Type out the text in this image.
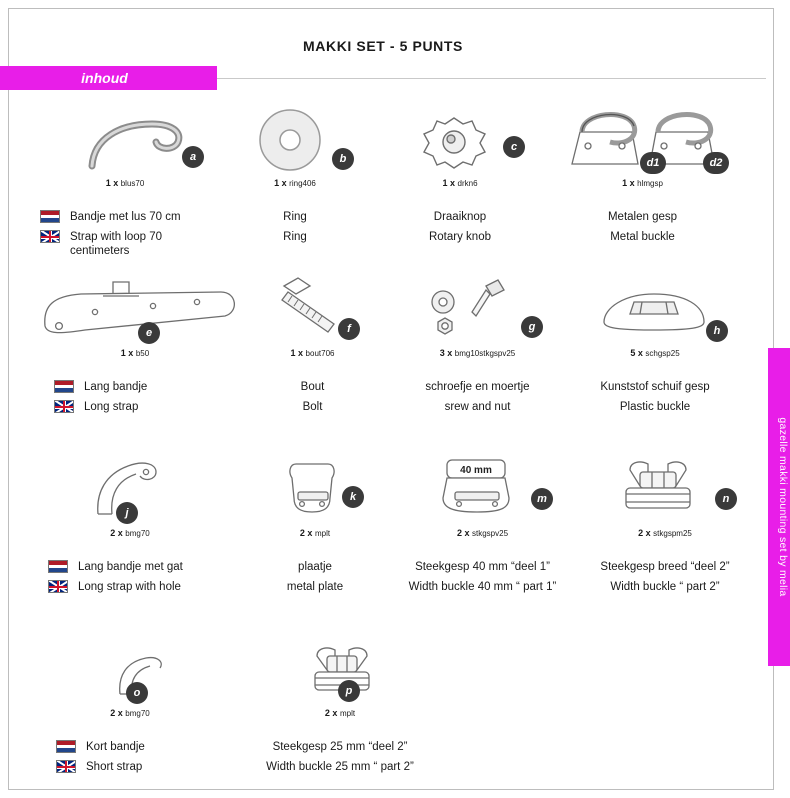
MAKKI SET - 5 PUNTS
inhoud
gazelle makki mounting set by melia
a
1 x blus70
Bandje met lus 70 cm
Strap with loop 70
centimeters
b
1 x ring406
Ring
Ring
c
1 x drkn6
Draaiknop
Rotary knob
d1	d2
1 x hlmgsp
Metalen gesp
Metal buckle
e
1 x b50
Lang bandje
Long strap
f
1 x bout706
Bout
Bolt
g
3 x bmg10stkgspv25
schroefje en moertje
srew and nut
h
5 x schgsp25
Kunststof schuif gesp
Plastic buckle
j
2 x bmg70
Lang bandje met gat
Long strap with hole
k
2 x mplt
plaatje
metal plate
40 mm
m
2 x stkgspv25
Steekgesp 40 mm “deel 1”
Width buckle 40 mm “ part 1”
n
2 x stkgspm25
Steekgesp breed “deel 2”
Width buckle “ part 2”
o
2 x bmg70
Kort bandje
Short strap
p
2 x mplt
Steekgesp 25 mm “deel 2”
Width buckle 25 mm “ part 2”
